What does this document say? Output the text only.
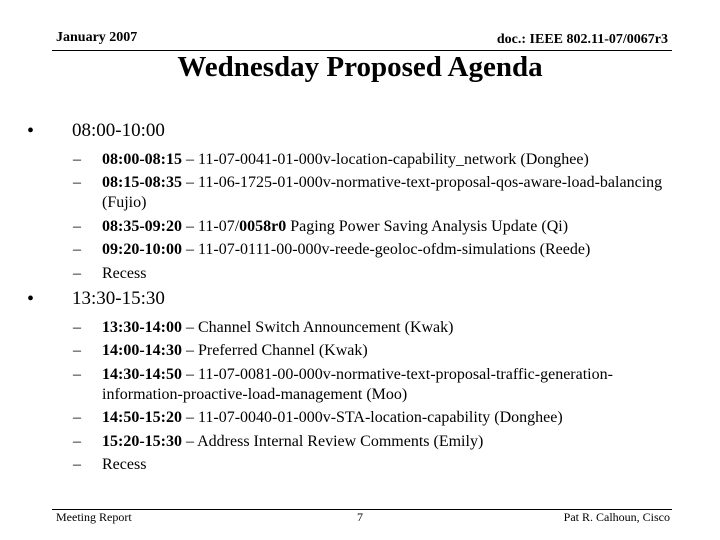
January 2007	doc.: IEEE 802.11-07/0067r3
Wednesday Proposed Agenda
• 08:00-10:00
– 08:00-08:15 – 11-07-0041-01-000v-location-capability_network (Donghee)
– 08:15-08:35 – 11-06-1725-01-000v-normative-text-proposal-qos-aware-load-balancing (Fujio)
– 08:35-09:20 – 11-07/0058r0 Paging Power Saving Analysis Update (Qi)
– 09:20-10:00 – 11-07-0111-00-000v-reede-geoloc-ofdm-simulations (Reede)
– Recess
• 13:30-15:30
– 13:30-14:00 – Channel Switch Announcement (Kwak)
– 14:00-14:30 – Preferred Channel (Kwak)
– 14:30-14:50 – 11-07-0081-00-000v-normative-text-proposal-traffic-generation-information-proactive-load-management (Moo)
– 14:50-15:20 – 11-07-0040-01-000v-STA-location-capability (Donghee)
– 15:20-15:30 – Address Internal Review Comments (Emily)
– Recess
Meeting Report	7	Pat R. Calhoun, Cisco
